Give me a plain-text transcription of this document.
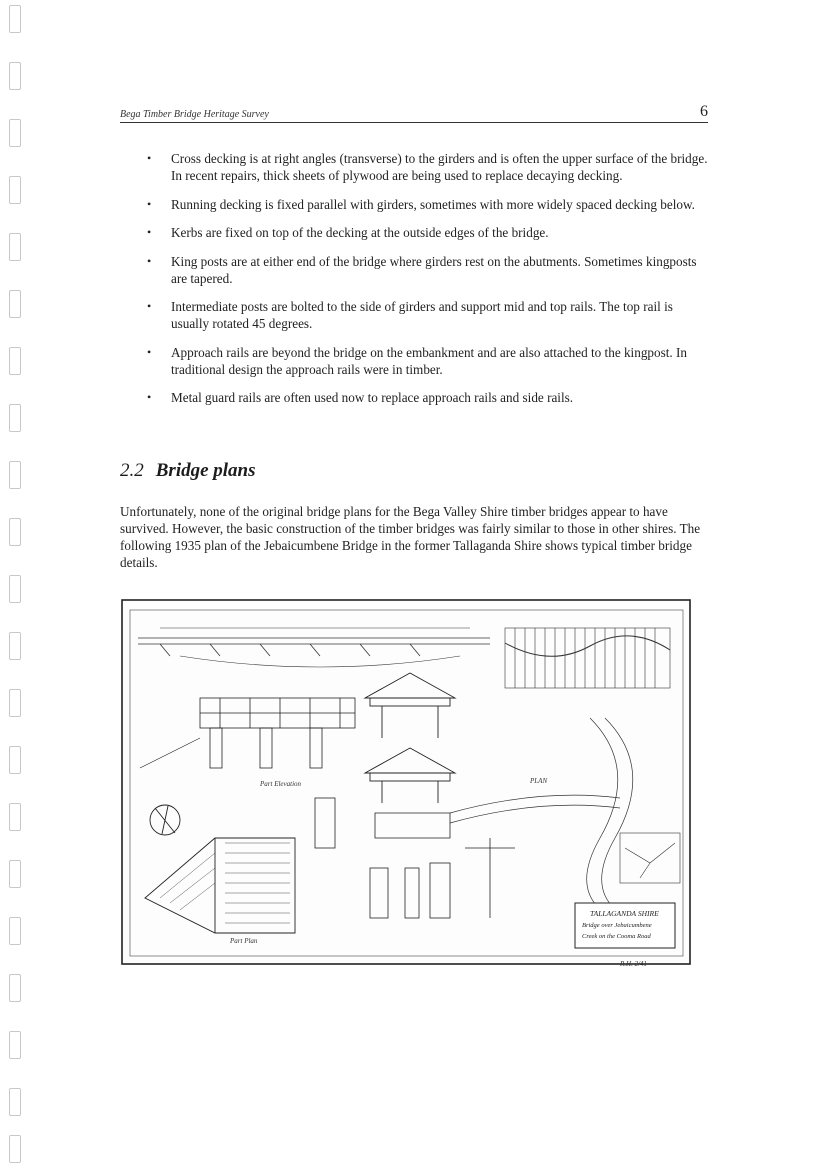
Bega Timber Bridge Heritage Survey	6
• Cross decking is at right angles (transverse) to the girders and is often the upper surface of the bridge. In recent repairs, thick sheets of plywood are being used to replace decaying decking.
• Running decking is fixed parallel with girders, sometimes with more widely spaced decking below.
• Kerbs are fixed on top of the decking at the outside edges of the bridge.
• King posts are at either end of the bridge where girders rest on the abutments. Sometimes kingposts are tapered.
• Intermediate posts are bolted to the side of girders and support mid and top rails. The top rail is usually rotated 45 degrees.
• Approach rails are beyond the bridge on the embankment and are also attached to the kingpost. In traditional design the approach rails were in timber.
• Metal guard rails are often used now to replace approach rails and side rails.
2.2 Bridge plans

Unfortunately, none of the original bridge plans for the Bega Valley Shire timber bridges appear to have survived. However, the basic construction of the timber bridges was fairly similar to those in other shires. The following 1935 plan of the Jebaicumbene Bridge in the former Tallaganda Shire shows typical timber bridge details.

Part Elevation	PLAN
Part Plan
TALLAGANDA SHIRE
Bridge over Jebaicumbene
Creek on the Cooma Road
R.H. 2/41
